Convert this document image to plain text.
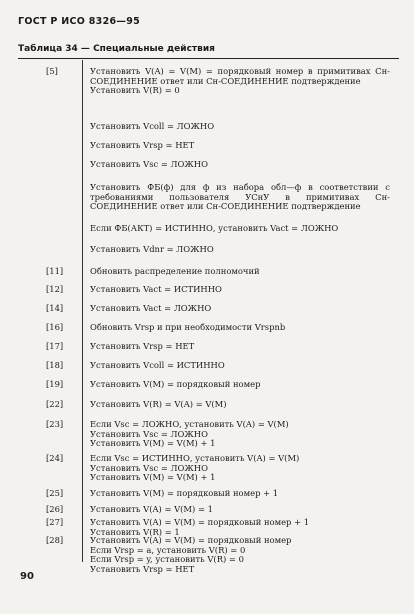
ГОСТ Р ИСО 8326—95
Таблица 34 — Специальные действия
[5]	Установить V(A) = V(M) = порядковый номер в примитивах Сн-СОЕДИНЕНИЕ ответ или Сн-СОЕДИНЕНИЕ подтверждение
Установить V(R) = 0
Установить Vcoll = ЛОЖНО
Установить Vrsp = НЕТ
Установить Vsc = ЛОЖНО
Установить ФБ(ф) для ф из набора обл—ф в соответствии с требованиями пользователя УСнУ в примитивах Сн-СОЕДИНЕНИЕ ответ или Сн-СОЕДИНЕНИЕ подтверждение
Если ФБ(АКТ) = ИСТИННО, установить Vact = ЛОЖНО
Установить Vdnr = ЛОЖНО
[11]	Обновить распределение полномочий
[12]	Установить Vact = ИСТИННО
[14]	Установить Vact = ЛОЖНО
[16]	Обновить Vrsp и при необходимости Vrspnb
[17]	Установить Vrsp = НЕТ
[18]	Установить Vcoll = ИСТИННО
[19]	Установить V(M) = порядковый номер
[22]	Установить V(R) = V(A) = V(M)
[23]	Если Vsc = ЛОЖНО, установить V(A) = V(M)
Установить Vsc = ЛОЖНО
Установить V(M) = V(M) + 1
[24]	Если Vsc = ИСТИННО, установить V(A) = V(M)
Установить Vsc = ЛОЖНО
Установить V(M) = V(M) + 1
[25]	Установить V(M) = порядковый номер + 1
[26]	Установить V(A) = V(M) = 1
[27]	Установить V(A) = V(M) = порядковый номер + 1
Установить V(R) = 1
[28]	Установить V(A) = V(M) = порядковый номер
Если Vrsp = a, установить V(R) = 0
Если Vrsp = y, установить V(R) = 0
Установить Vrsp = НЕТ
90
